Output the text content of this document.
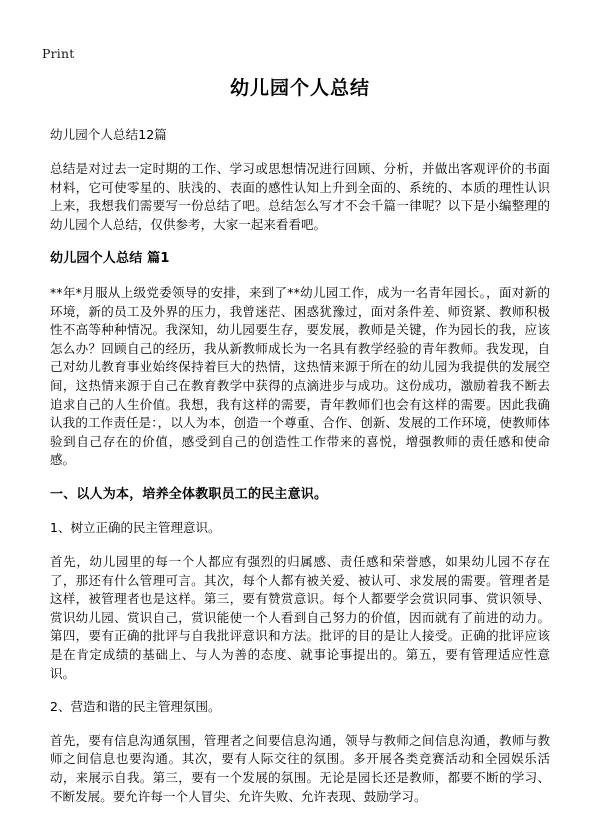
Print
幼儿园个人总结
幼儿园个人总结12篇

总结是对过去一定时期的工作、学习或思想情况进行回顾、分析，并做出客观评价的书面材料，它可使零星的、肤浅的、表面的感性认知上升到全面的、系统的、本质的理性认识上来，我想我们需要写一份总结了吧。总结怎么写才不会千篇一律呢？以下是小编整理的幼儿园个人总结，仅供参考，大家一起来看看吧。

幼儿园个人总结 篇1

**年*月服从上级党委领导的安排，来到了**幼儿园工作，成为一名青年园长。，面对新的环境，新的员工及外界的压力，我曾迷茫、困惑犹豫过，面对条件差、师资紧、教师积极性不高等种种情况。我深知，幼儿园要生存，要发展，教师是关键，作为园长的我，应该怎么办？回顾自己的经历，我从新教师成长为一名具有教学经验的青年教师。我发现，自己对幼儿教育事业始终保持着巨大的热情，这热情来源于所在的幼儿园为我提供的发展空间，这热情来源于自己在教育教学中获得的点滴进步与成功。这份成功，激励着我不断去追求自己的人生价值。我想，我有这样的需要，青年教师们也会有这样的需要。因此我确认我的工作责任是：，以人为本，创造一个尊重、合作、创新、发展的工作环境，使教师体验到自己存在的价值，感受到自己的创造性工作带来的喜悦，增强教师的责任感和使命感。

一、以人为本，培养全体教职员工的民主意识。

1、树立正确的民主管理意识。

首先，幼儿园里的每一个人都应有强烈的归属感、责任感和荣誉感，如果幼儿园不存在了，那还有什么管理可言。其次，每个人都有被关爱、被认可、求发展的需要。管理者是这样，被管理者也是这样。第三，要有赞赏意识。每个人都要学会赏识同事、赏识领导、赏识幼儿园、赏识自己，赏识能使一个人看到自己努力的价值，因而就有了前进的动力。第四，要有正确的批评与自我批评意识和方法。批评的目的是让人接受。正确的批评应该是在肯定成绩的基础上、与人为善的态度、就事论事提出的。第五，要有管理适应性意识。

2、营造和谐的民主管理氛围。

首先，要有信息沟通氛围，管理者之间要信息沟通，领导与教师之间信息沟通，教师与教师之间信息也要沟通。其次，要有人际交往的氛围。多开展各类竞赛活动和全园娱乐活动，来展示自我。第三，要有一个发展的氛围。无论是园长还是教师，都要不断的学习、不断发展。要允许每一个人冒尖、允许失败、允许表现、鼓励学习。
